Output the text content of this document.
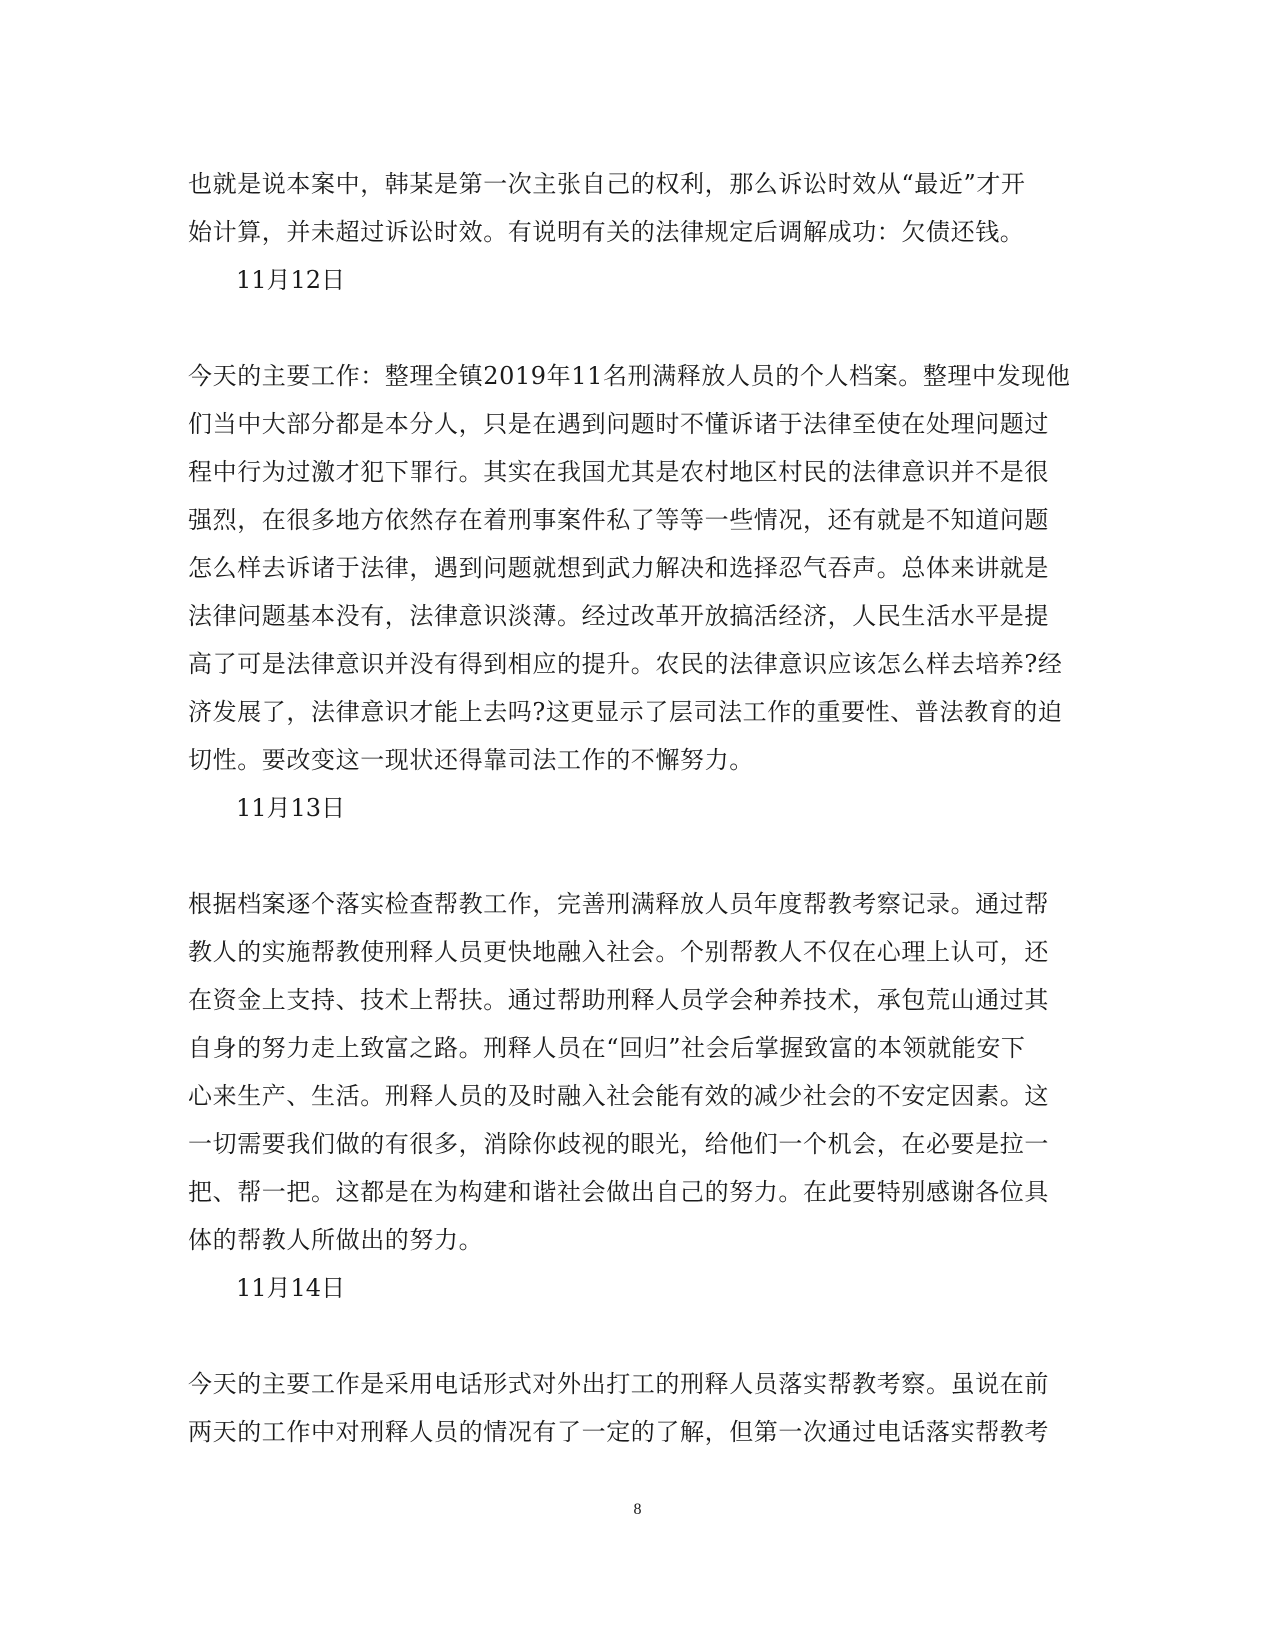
也就是说本案中，韩某是第一次主张自己的权利，那么诉讼时效从“最近”才开
始计算，并未超过诉讼时效。有说明有关的法律规定后调解成功：欠债还钱。
11月12日
今天的主要工作：整理全镇2019年11名刑满释放人员的个人档案。整理中发现他
们当中大部分都是本分人，只是在遇到问题时不懂诉诸于法律至使在处理问题过
程中行为过激才犯下罪行。其实在我国尤其是农村地区村民的法律意识并不是很
强烈，在很多地方依然存在着刑事案件私了等等一些情况，还有就是不知道问题
怎么样去诉诸于法律，遇到问题就想到武力解决和选择忍气吞声。总体来讲就是
法律问题基本没有，法律意识淡薄。经过改革开放搞活经济，人民生活水平是提
高了可是法律意识并没有得到相应的提升。农民的法律意识应该怎么样去培养?经
济发展了，法律意识才能上去吗?这更显示了层司法工作的重要性、普法教育的迫
切性。要改变这一现状还得靠司法工作的不懈努力。
11月13日
根据档案逐个落实检查帮教工作，完善刑满释放人员年度帮教考察记录。通过帮
教人的实施帮教使刑释人员更快地融入社会。个别帮教人不仅在心理上认可，还
在资金上支持、技术上帮扶。通过帮助刑释人员学会种养技术，承包荒山通过其
自身的努力走上致富之路。刑释人员在“回归”社会后掌握致富的本领就能安下
心来生产、生活。刑释人员的及时融入社会能有效的减少社会的不安定因素。这
一切需要我们做的有很多，消除你歧视的眼光，给他们一个机会，在必要是拉一
把、帮一把。这都是在为构建和谐社会做出自己的努力。在此要特别感谢各位具
体的帮教人所做出的努力。
11月14日
今天的主要工作是采用电话形式对外出打工的刑释人员落实帮教考察。虽说在前
两天的工作中对刑释人员的情况有了一定的了解，但第一次通过电话落实帮教考
8
